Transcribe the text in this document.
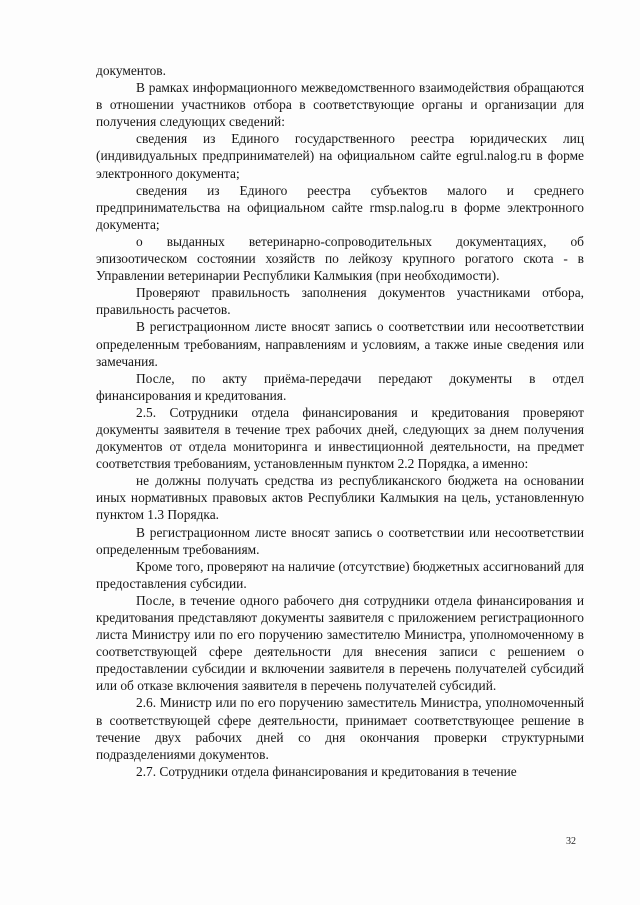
документов.

В рамках информационного межведомственного взаимодействия обращаются в отношении участников отбора в соответствующие органы и организации для получения следующих сведений:

сведения из Единого государственного реестра юридических лиц (индивидуальных предпринимателей) на официальном сайте egrul.nalog.ru в форме электронного документа;

сведения из Единого реестра субъектов малого и среднего предпринимательства на официальном сайте rmsp.nalog.ru в форме электронного документа;

о выданных ветеринарно-сопроводительных документациях, об эпизоотическом состоянии хозяйств по лейкозу крупного рогатого скота - в Управлении ветеринарии Республики Калмыкия (при необходимости).

Проверяют правильность заполнения документов участниками отбора, правильность расчетов.

В регистрационном листе вносят запись о соответствии или несоответствии определенным требованиям, направлениям и условиям, а также иные сведения или замечания.

После, по акту приёма-передачи передают документы в отдел финансирования и кредитования.

2.5. Сотрудники отдела финансирования и кредитования проверяют документы заявителя в течение трех рабочих дней, следующих за днем получения документов от отдела мониторинга и инвестиционной деятельности, на предмет соответствия требованиям, установленным пунктом 2.2 Порядка, а именно:

не должны получать средства из республиканского бюджета на основании иных нормативных правовых актов Республики Калмыкия на цель, установленную пунктом 1.3 Порядка.

В регистрационном листе вносят запись о соответствии или несоответствии определенным требованиям.

Кроме того, проверяют на наличие (отсутствие) бюджетных ассигнований для предоставления субсидии.

После, в течение одного рабочего дня сотрудники отдела финансирования и кредитования представляют документы заявителя с приложением регистрационного листа Министру или по его поручению заместителю Министра, уполномоченному в соответствующей сфере деятельности для внесения записи с решением о предоставлении субсидии и включении заявителя в перечень получателей субсидий или об отказе включения заявителя в перечень получателей субсидий.

2.6. Министр или по его поручению заместитель Министра, уполномоченный в соответствующей сфере деятельности, принимает соответствующее решение в течение двух рабочих дней со дня окончания проверки структурными подразделениями документов.

2.7. Сотрудники отдела финансирования и кредитования в течение

32
